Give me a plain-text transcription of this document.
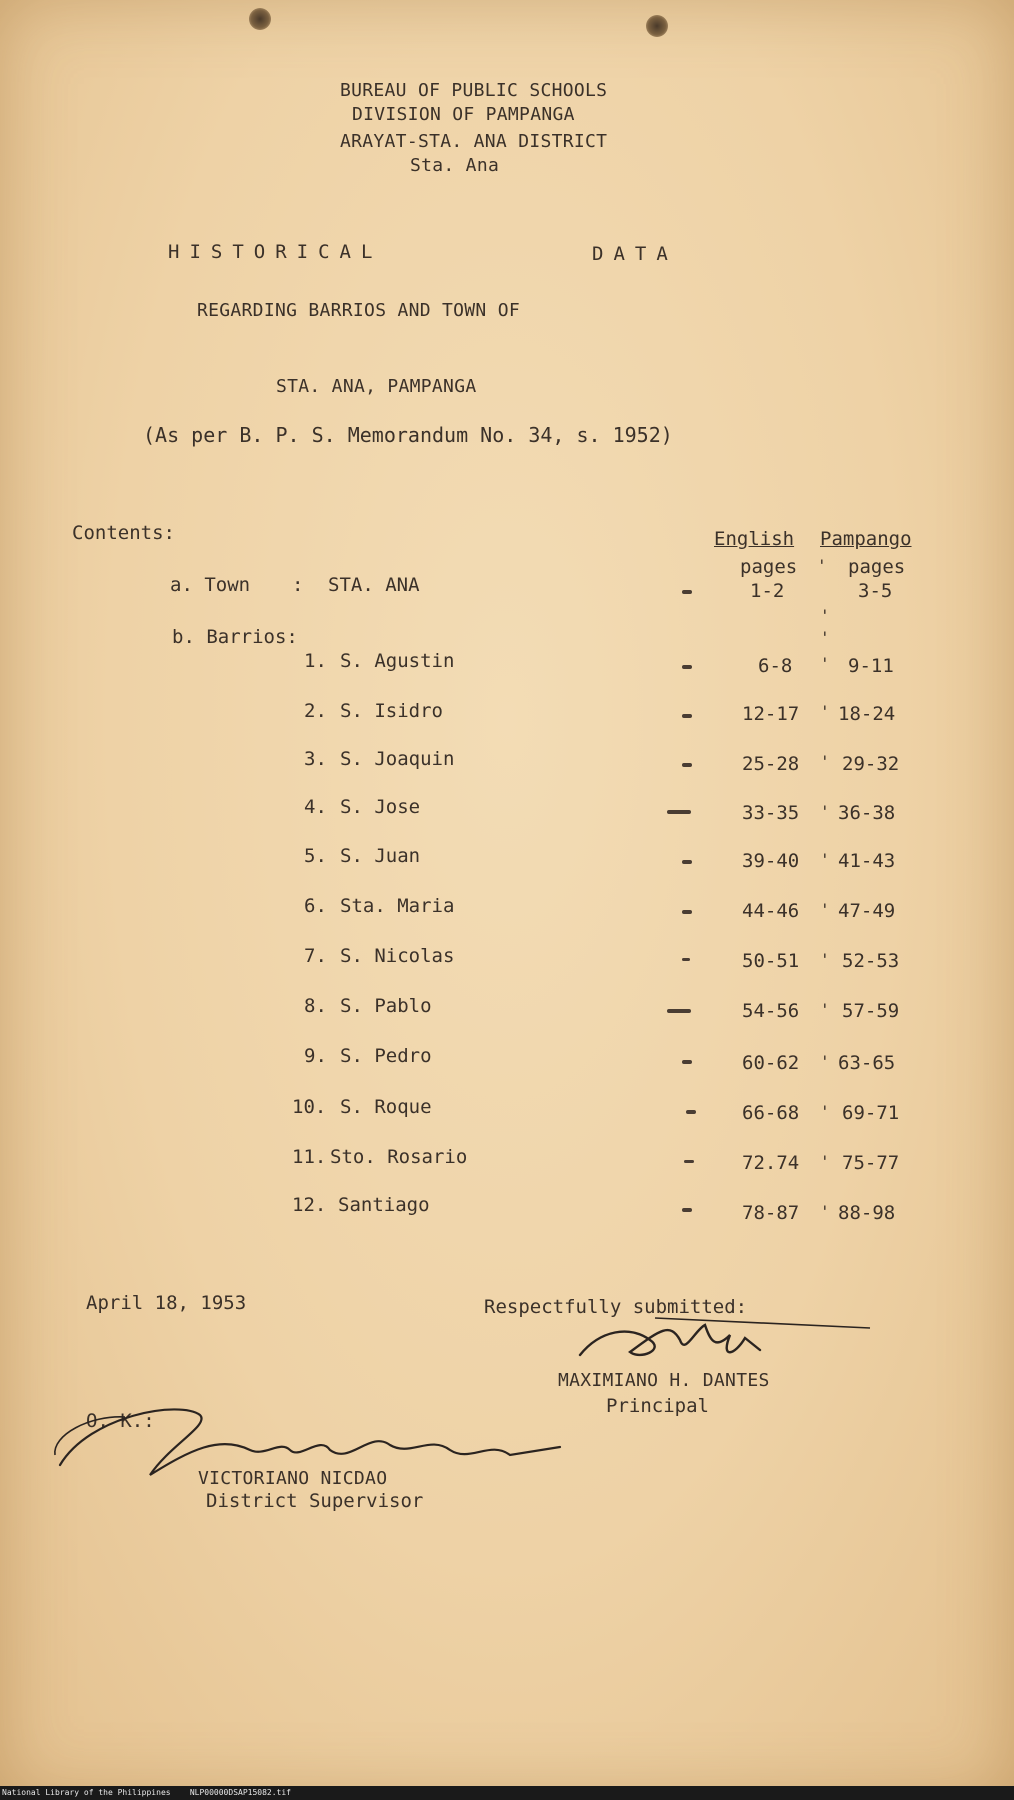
BUREAU OF PUBLIC SCHOOLS
DIVISION OF PAMPANGA
ARAYAT-STA. ANA DISTRICT
Sta. Ana
HISTORICAL	DATA
REGARDING BARRIOS AND TOWN OF
STA. ANA, PAMPANGA
(As per B. P. S. Memorandum No. 34, s. 1952)
Contents:	English Pampango
pages	pages
a. Town : STA. ANA	1-2	3-5
b. Barrios:
'
'
'
1. S. Agustin	6-8 ' 9-11
2. S. Isidro	12-17 ' 18-24
3. S. Joaquin	25-28 ' 29-32
4. S. Jose	33-35 ' 36-38
5. S. Juan	39-40 ' 41-43
6. Sta. Maria	44-46 ' 47-49
7. S. Nicolas	50-51 ' 52-53
8. S. Pablo	54-56 ' 57-59
9. S. Pedro	60-62 ' 63-65
10. S. Roque	66-68 ' 69-71
11. Sto. Rosario	72.74 ' 75-77
12. Santiago	78-87 ' 88-98
April 18, 1953	Respectfully submitted:
MAXIMIANO H. DANTES
Principal
O. K.:
VICTORIANO NICDAO
District Supervisor
National Library of the Philippines NLP00000DSAP15082.tif
